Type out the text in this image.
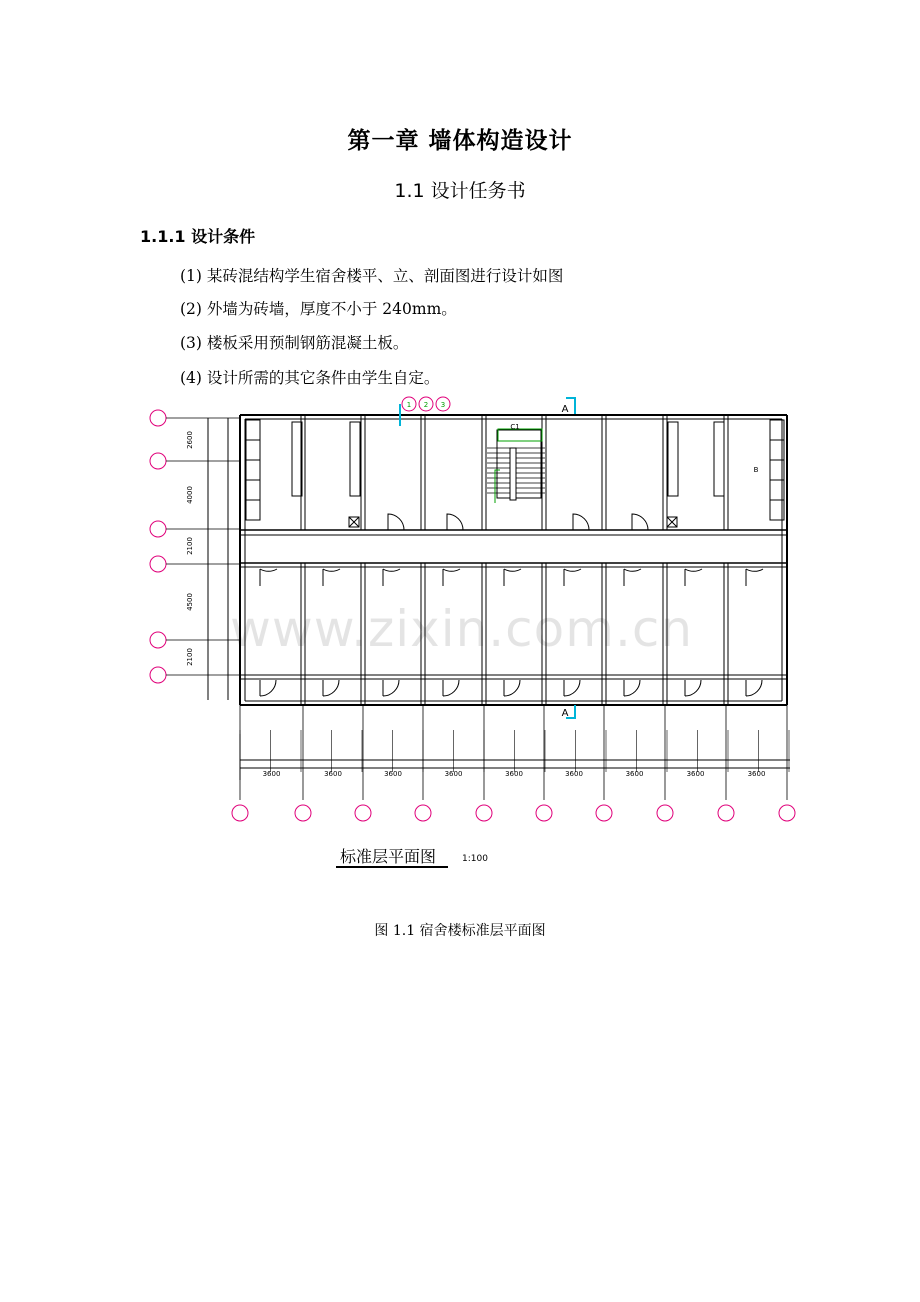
第一章 墙体构造设计
1.1 设计任务书
1.1.1 设计条件
(1) 某砖混结构学生宿舍楼平、立、剖面图进行设计如图
(2) 外墙为砖墙，厚度不小于 240mm。
(3) 楼板采用预制钢筋混凝土板。
(4) 设计所需的其它条件由学生自定。
C1
1 2 3	A
A
B
2600
4000
2100
4500
2100
3600	3600	3600	3600	3600	3600	3600	3600	3600
www.zixin.com.cn
标准层平面图	1:100
图 1.1 宿舍楼标准层平面图
